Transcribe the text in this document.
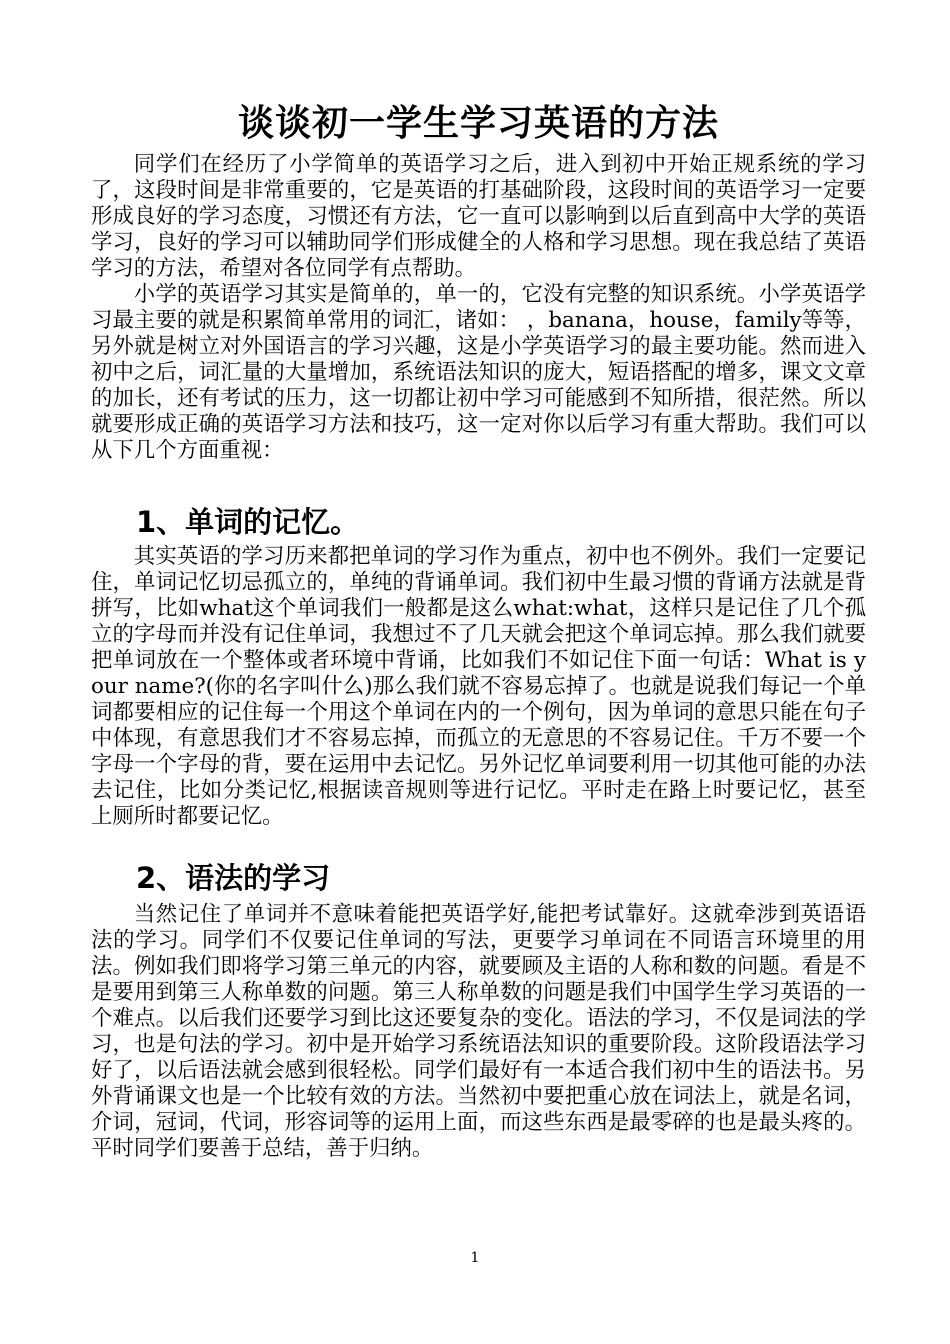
谈谈初一学生学习英语的方法

同学们在经历了小学简单的英语学习之后，进入到初中开始正规系统的学习了，这段时间是非常重要的，它是英语的打基础阶段，这段时间的英语学习一定要形成良好的学习态度，习惯还有方法，它一直可以影响到以后直到高中大学的英语学习，良好的学习可以辅助同学们形成健全的人格和学习思想。现在我总结了英语学习的方法，希望对各位同学有点帮助。

小学的英语学习其实是简单的，单一的，它没有完整的知识系统。小学英语学习最主要的就是积累简单常用的词汇，诸如： ，banana，house，family等等，另外就是树立对外国语言的学习兴趣，这是小学英语学习的最主要功能。然而进入初中之后，词汇量的大量增加，系统语法知识的庞大，短语搭配的增多，课文文章的加长，还有考试的压力，这一切都让初中学习可能感到不知所措，很茫然。所以就要形成正确的英语学习方法和技巧，这一定对你以后学习有重大帮助。我们可以从下几个方面重视：

1、单词的记忆。

其实英语的学习历来都把单词的学习作为重点，初中也不例外。我们一定要记住，单词记忆切忌孤立的，单纯的背诵单词。我们初中生最习惯的背诵方法就是背拼写，比如what这个单词我们一般都是这么what:what，这样只是记住了几个孤立的字母而并没有记住单词，我想过不了几天就会把这个单词忘掉。那么我们就要把单词放在一个整体或者环境中背诵，比如我们不如记住下面一句话：What is your name?(你的名字叫什么)那么我们就不容易忘掉了。也就是说我们每记一个单词都要相应的记住每一个用这个单词在内的一个例句，因为单词的意思只能在句子中体现，有意思我们才不容易忘掉，而孤立的无意思的不容易记住。千万不要一个字母一个字母的背，要在运用中去记忆。另外记忆单词要利用一切其他可能的办法去记住，比如分类记忆,根据读音规则等进行记忆。平时走在路上时要记忆，甚至上厕所时都要记忆。

2、语法的学习

当然记住了单词并不意味着能把英语学好,能把考试靠好。这就牵涉到英语语法的学习。同学们不仅要记住单词的写法，更要学习单词在不同语言环境里的用法。例如我们即将学习第三单元的内容，就要顾及主语的人称和数的问题。看是不是要用到第三人称单数的问题。第三人称单数的问题是我们中国学生学习英语的一个难点。以后我们还要学习到比这还要复杂的变化。语法的学习，不仅是词法的学习，也是句法的学习。初中是开始学习系统语法知识的重要阶段。这阶段语法学习好了，以后语法就会感到很轻松。同学们最好有一本适合我们初中生的语法书。另外背诵课文也是一个比较有效的方法。当然初中要把重心放在词法上，就是名词，介词，冠词，代词，形容词等的运用上面，而这些东西是最零碎的也是最头疼的。平时同学们要善于总结，善于归纳。

1
